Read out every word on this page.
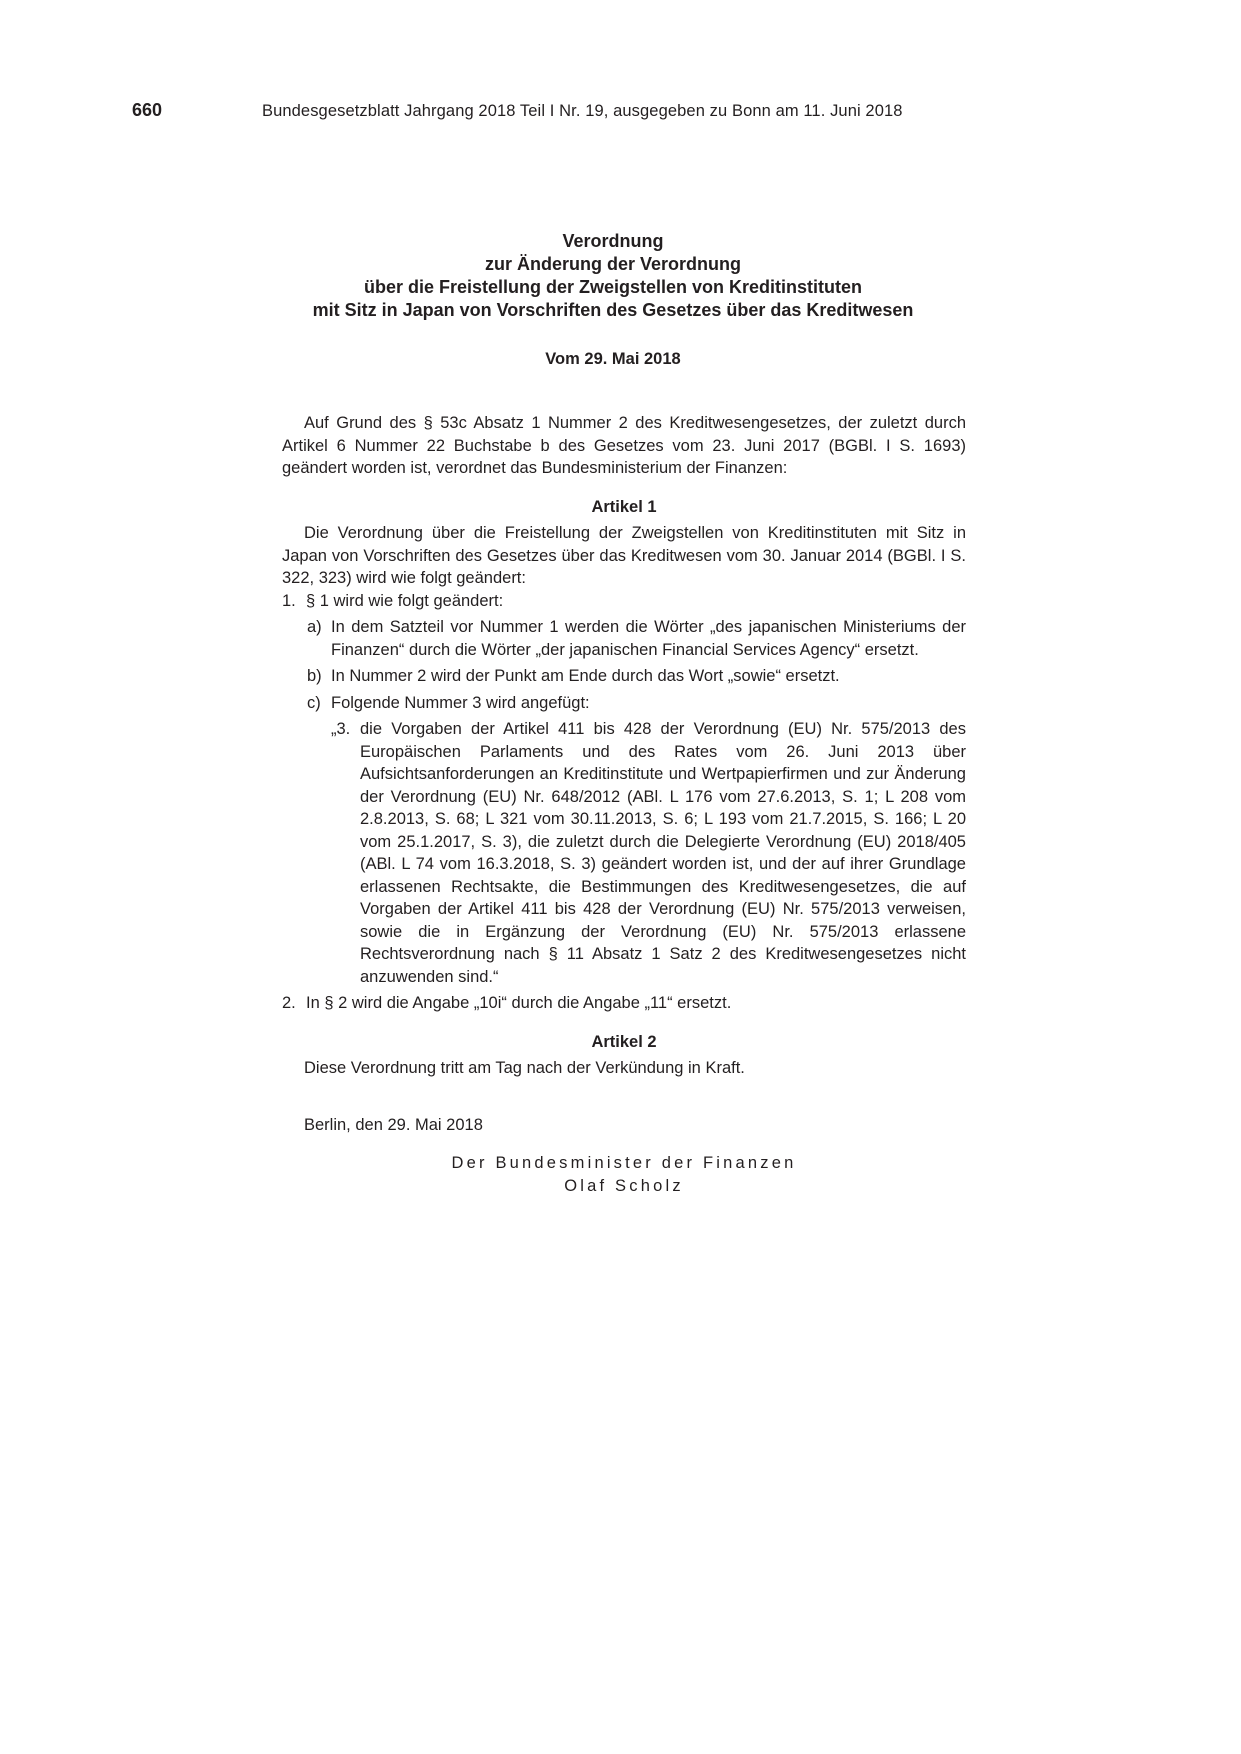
660	Bundesgesetzblatt Jahrgang 2018 Teil I Nr. 19, ausgegeben zu Bonn am 11. Juni 2018
Verordnung
zur Änderung der Verordnung
über die Freistellung der Zweigstellen von Kreditinstituten
mit Sitz in Japan von Vorschriften des Gesetzes über das Kreditwesen
Vom 29. Mai 2018

Auf Grund des § 53c Absatz 1 Nummer 2 des Kreditwesengesetzes, der zuletzt durch Artikel 6 Nummer 22 Buchstabe b des Gesetzes vom 23. Juni 2017 (BGBl. I S. 1693) geändert worden ist, verordnet das Bundesministerium der Finanzen:

Artikel 1

Die Verordnung über die Freistellung der Zweigstellen von Kreditinstituten mit Sitz in Japan von Vorschriften des Gesetzes über das Kreditwesen vom 30. Januar 2014 (BGBl. I S. 322, 323) wird wie folgt geändert:

1. § 1 wird wie folgt geändert:
a) In dem Satzteil vor Nummer 1 werden die Wörter „des japanischen Ministeriums der Finanzen“ durch die Wörter „der japanischen Financial Services Agency“ ersetzt.
b) In Nummer 2 wird der Punkt am Ende durch das Wort „sowie“ ersetzt.
c) Folgende Nummer 3 wird angefügt:
„3. die Vorgaben der Artikel 411 bis 428 der Verordnung (EU) Nr. 575/2013 des Europäischen Parlaments und des Rates vom 26. Juni 2013 über Aufsichtsanforderungen an Kreditinstitute und Wertpapierfirmen und zur Änderung der Verordnung (EU) Nr. 648/2012 (ABl. L 176 vom 27.6.2013, S. 1; L 208 vom 2.8.2013, S. 68; L 321 vom 30.11.2013, S. 6; L 193 vom 21.7.2015, S. 166; L 20 vom 25.1.2017, S. 3), die zuletzt durch die Delegierte Verordnung (EU) 2018/405 (ABl. L 74 vom 16.3.2018, S. 3) geändert worden ist, und der auf ihrer Grundlage erlassenen Rechtsakte, die Bestimmungen des Kreditwesengesetzes, die auf Vorgaben der Artikel 411 bis 428 der Verordnung (EU) Nr. 575/2013 verweisen, sowie die in Ergänzung der Verordnung (EU) Nr. 575/2013 erlassene Rechtsverordnung nach § 11 Absatz 1 Satz 2 des Kreditwesengesetzes nicht anzuwenden sind.“
2. In § 2 wird die Angabe „10i“ durch die Angabe „11“ ersetzt.
Artikel 2
Diese Verordnung tritt am Tag nach der Verkündung in Kraft.
Berlin, den 29. Mai 2018
Der Bundesminister der Finanzen
Olaf Scholz
